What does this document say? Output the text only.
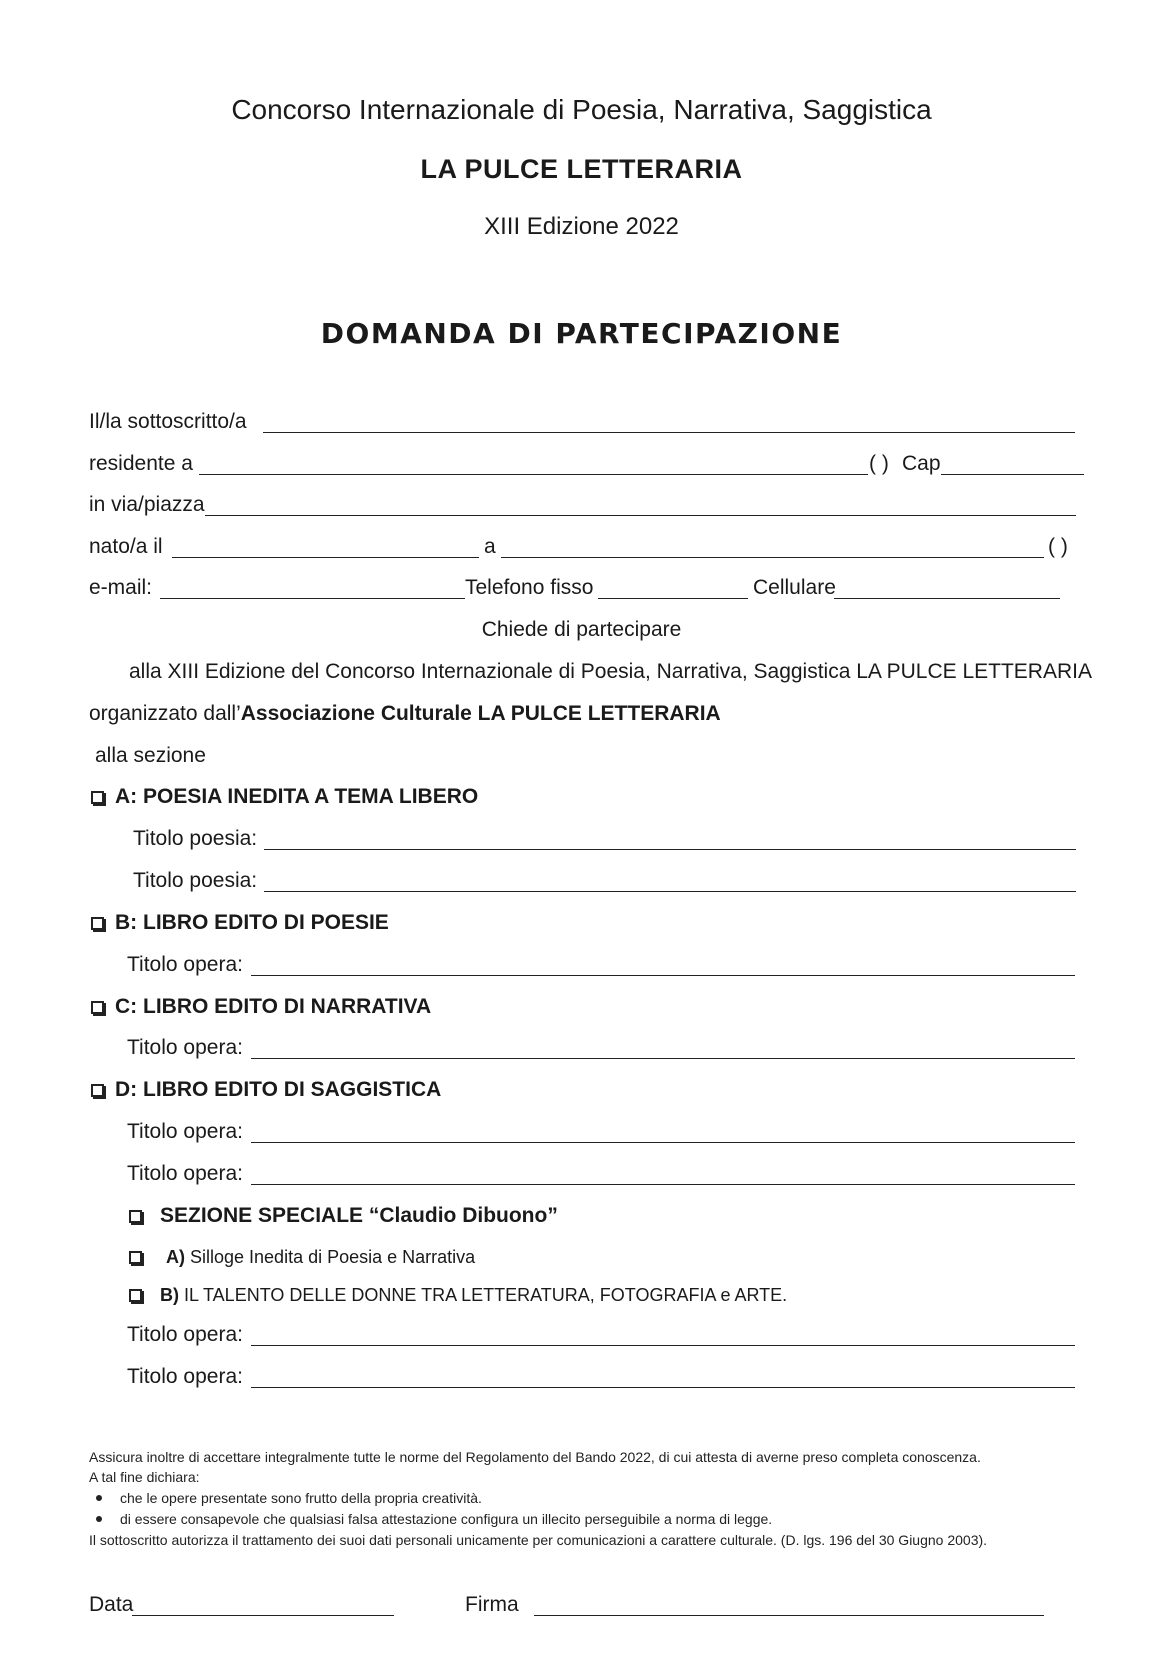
Concorso Internazionale di Poesia, Narrativa, Saggistica
LA PULCE LETTERARIA
XIII Edizione 2022
DOMANDA DI PARTECIPAZIONE
Il/la sottoscritto/a
residente a	( ) Cap
in via/piazza
nato/a il	a	( )
e-mail:	Telefono fisso	Cellulare
Chiede di partecipare
alla XIII Edizione del Concorso Internazionale di Poesia, Narrativa, Saggistica LA PULCE LETTERARIA
organizzato dall’Associazione Culturale LA PULCE LETTERARIA
alla sezione
A: POESIA INEDITA A TEMA LIBERO
Titolo poesia:
Titolo poesia:
B: LIBRO EDITO DI POESIE
Titolo opera:
C: LIBRO EDITO DI NARRATIVA
Titolo opera:
D: LIBRO EDITO DI SAGGISTICA
Titolo opera:
Titolo opera:
SEZIONE SPECIALE “Claudio Dibuono”
A) Silloge Inedita di Poesia e Narrativa
B) IL TALENTO DELLE DONNE TRA LETTERATURA, FOTOGRAFIA e ARTE.
Titolo opera:
Titolo opera:
Assicura inoltre di accettare integralmente tutte le norme del Regolamento del Bando 2022, di cui attesta di averne preso completa conoscenza.
A tal fine dichiara:
che le opere presentate sono frutto della propria creatività.
di essere consapevole che qualsiasi falsa attestazione configura un illecito perseguibile a norma di legge.
Il sottoscritto autorizza il trattamento dei suoi dati personali unicamente per comunicazioni a carattere culturale. (D. lgs. 196 del 30 Giugno 2003).
Data	Firma
